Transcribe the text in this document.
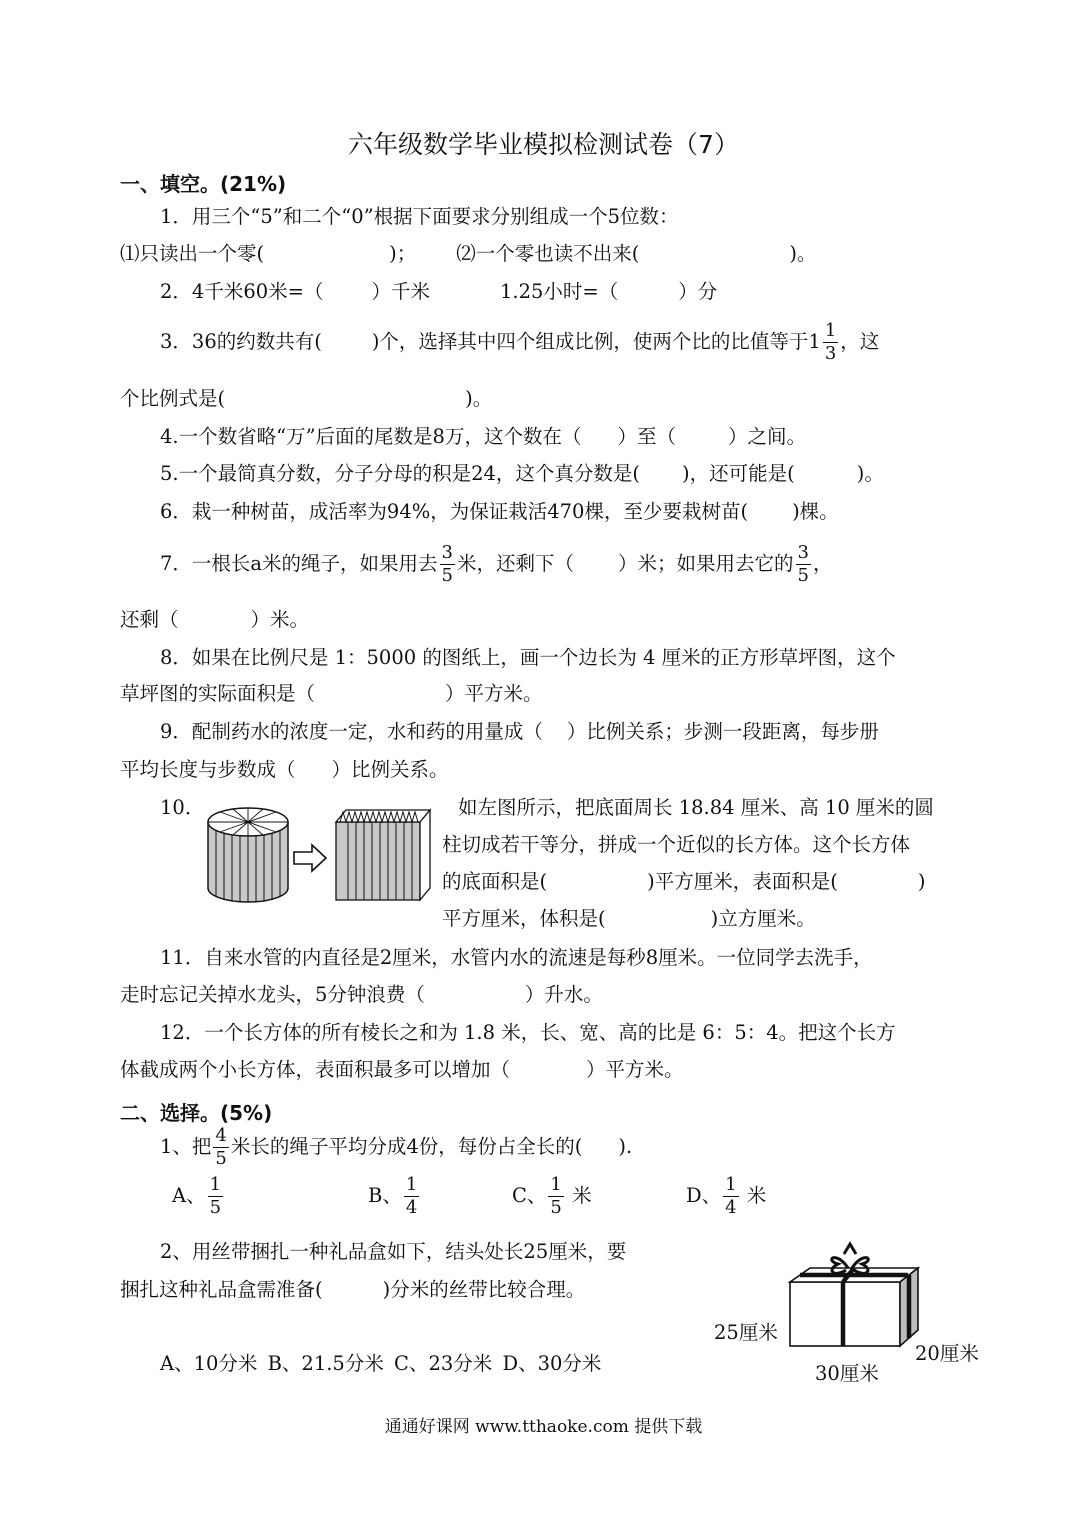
六年级数学毕业模拟检测试卷（7）
一、填空。(21%)
1．用三个“5”和二个“0”根据下面要求分别组成一个5位数：
⑴只读出一个零(	)； ⑵一个零也读不出来(	)。
2．4千米60米=（ ）千米	1.25小时=（	）分
3．36的约数共有(	)个，选择其中四个组成比例，使两个比的比值等于$1 \frac{1}{3}$ ，这
个比例式是(	)。
4.一个数省略“万”后面的尾数是8万，这个数在（ ）至（	）之间。
5.一个最简真分数，分子分母的积是24，这个真分数是( )，还可能是(	)。
6．栽一种树苗，成活率为94%，为保证栽活470棵，至少要栽树苗( )棵。
7．一根长a米的绳子，如果用去 $\frac{3}{5}$ 米，还剩下（ ）米；如果用去它的 $\frac{3}{5}$ ，
还剩（	）米。
8．如果在比例尺是 1：5000 的图纸上，画一个边长为 4 厘米的正方形草坪图，这个
草坪图的实际面积是（	）平方米。
9．配制药水的浓度一定，水和药的用量成（ ）比例关系；步测一段距离，每步册
平均长度与步数成（ ）比例关系。
10．	如左图所示，把底面周长 18.84 厘米、高 10 厘米的圆
柱切成若干等分，拼成一个近似的长方体。这个长方体
的底面积是(	)平方厘米，表面积是(	)
平方厘米，体积是(	)立方厘米。
11．自来水管的内直径是2厘米，水管内水的流速是每秒8厘米。一位同学去洗手，
走时忘记关掉水龙头，5分钟浪费（	）升水。
12．一个长方体的所有棱长之和为 1.8 米，长、宽、高的比是 6：5：4。把这个长方
体截成两个小长方体，表面积最多可以增加（	）平方米。
二、选择。(5%)
1、把 $\frac{4}{5}$ 米长的绳子平均分成4份，每份占全长的( ).
A、 $\frac{1}{5}$	B、 $\frac{1}{4}$	C、 $\frac{1}{5}$ 米	D、 $\frac{1}{4}$ 米
2、用丝带捆扎一种礼品盒如下，结头处长25厘米，要
捆扎这种礼品盒需准备(	)分米的丝带比较合理。
A、10分米 B、21.5分米 C、23分米 D、30分米
25厘米
20厘米
30厘米
通通好课网 www.tthaoke.com 提供下载
